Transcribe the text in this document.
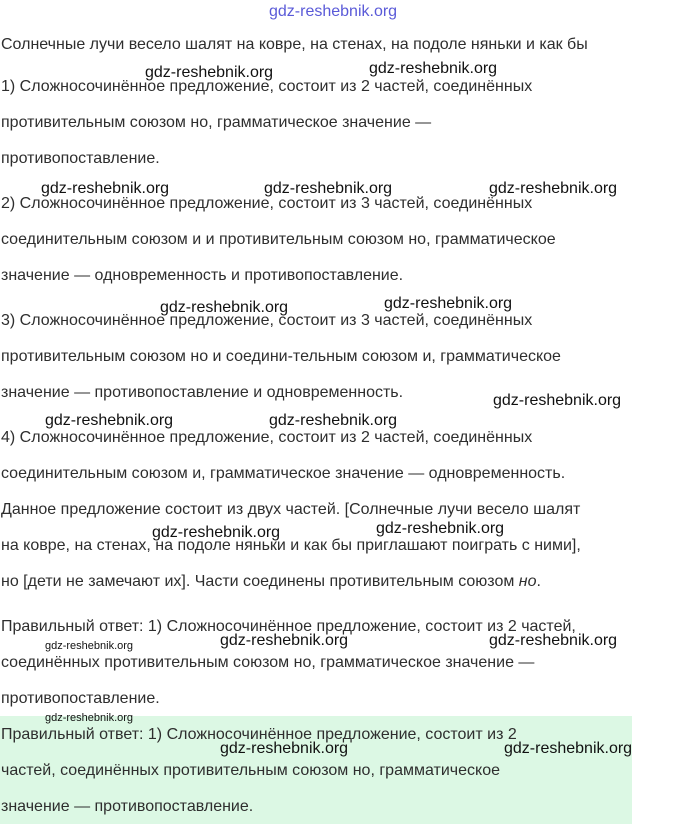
Солнечные лучи весело шалят на ковре, на стенах, на подоле няньки и как бы
1) Сложносочинённое предложение, состоит из 2 частей, соединённых
противительным союзом но, грамматическое значение —
противопоставление.
2) Сложносочинённое предложение, состоит из 3 частей, соединённых
соединительным союзом и и противительным союзом но, грамматическое
значение — одновременность и противопоставление.
3) Сложносочинённое предложение, состоит из 3 частей, соединённых
противительным союзом но и соедини-тельным союзом и, грамматическое
значение — противопоставление и одновременность.
4) Сложносочинённое предложение, состоит из 2 частей, соединённых
соединительным союзом и, грамматическое значение — одновременность.
Данное предложение состоит из двух частей. [Солнечные лучи весело шалят
на ковре, на стенах, на подоле няньки и как бы приглашают поиграть с ними],
но [дети не замечают их]. Части соединены противительным союзом но.
Правильный ответ: 1) Сложносочинённое предложение, состоит из 2 частей,
соединённых противительным союзом но, грамматическое значение —
противопоставление.
Правильный ответ: 1) Сложносочинённое предложение, состоит из 2
частей, соединённых противительным союзом но, грамматическое
значение — противопоставление.
gdz-reshebnik.org
gdz-reshebnik.org	gdz-reshebnik.org
gdz-reshebnik.org	gdz-reshebnik.org	gdz-reshebnik.org
gdz-reshebnik.org	gdz-reshebnik.org
gdz-reshebnik.org
gdz-reshebnik.org	gdz-reshebnik.org
gdz-reshebnik.org	gdz-reshebnik.org
gdz-reshebnik.org	gdz-reshebnik.org
gdz-reshebnik.org
gdz-reshebnik.org
gdz-reshebnik.org	gdz-reshebnik.org
